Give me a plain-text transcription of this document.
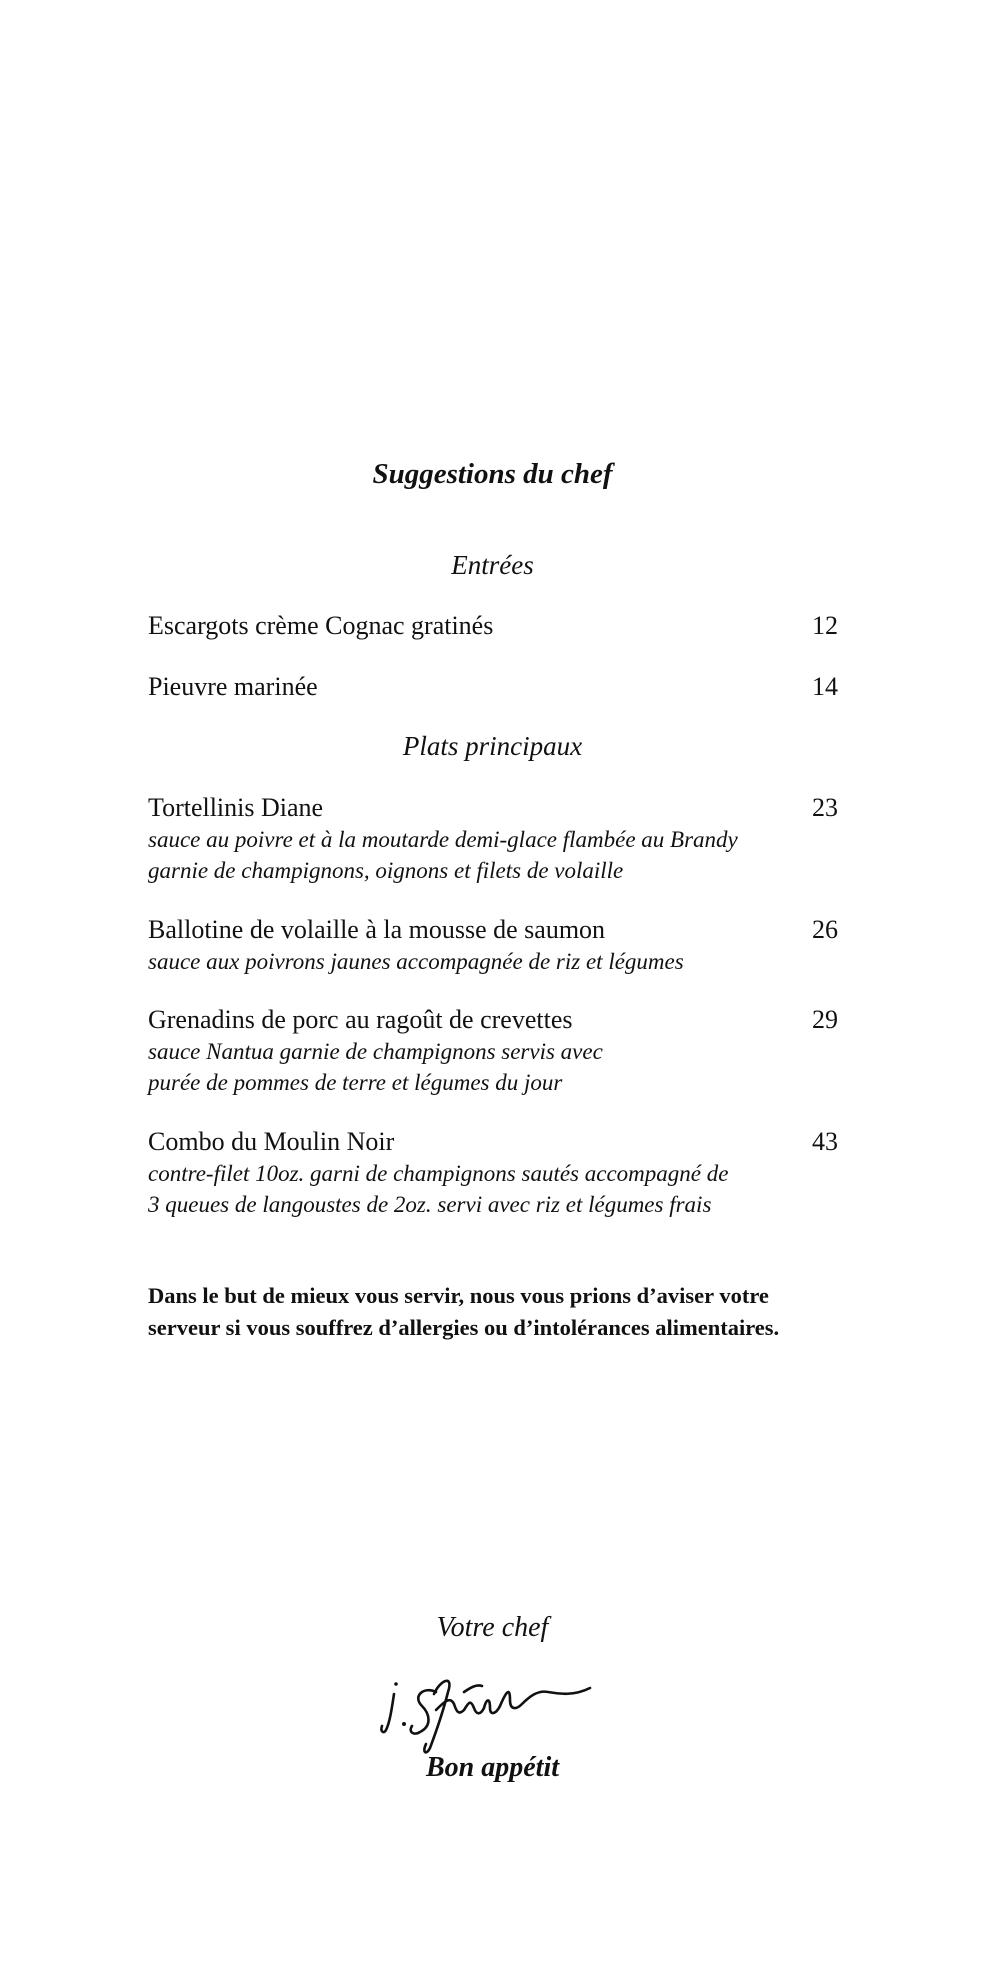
Suggestions du chef
Entrées
Escargots crème Cognac gratinés	12
Pieuvre marinée	14
Plats principaux
Tortellinis Diane	23
sauce au poivre et à la moutarde demi-glace flambée au Brandy
garnie de champignons, oignons et filets de volaille
Ballotine de volaille à la mousse de saumon	26
sauce aux poivrons jaunes accompagnée de riz et légumes
Grenadins de porc au ragoût de crevettes	29
sauce Nantua garnie de champignons servis avec
purée de pommes de terre et légumes du jour
Combo du Moulin Noir	43
contre-filet 10oz. garni de champignons sautés accompagné de
3 queues de langoustes de 2oz. servi avec riz et légumes frais
Dans le but de mieux vous servir, nous vous prions d’aviser votre
serveur si vous souffrez d’allergies ou d’intolérances alimentaires.
Votre chef
Bon appétit
